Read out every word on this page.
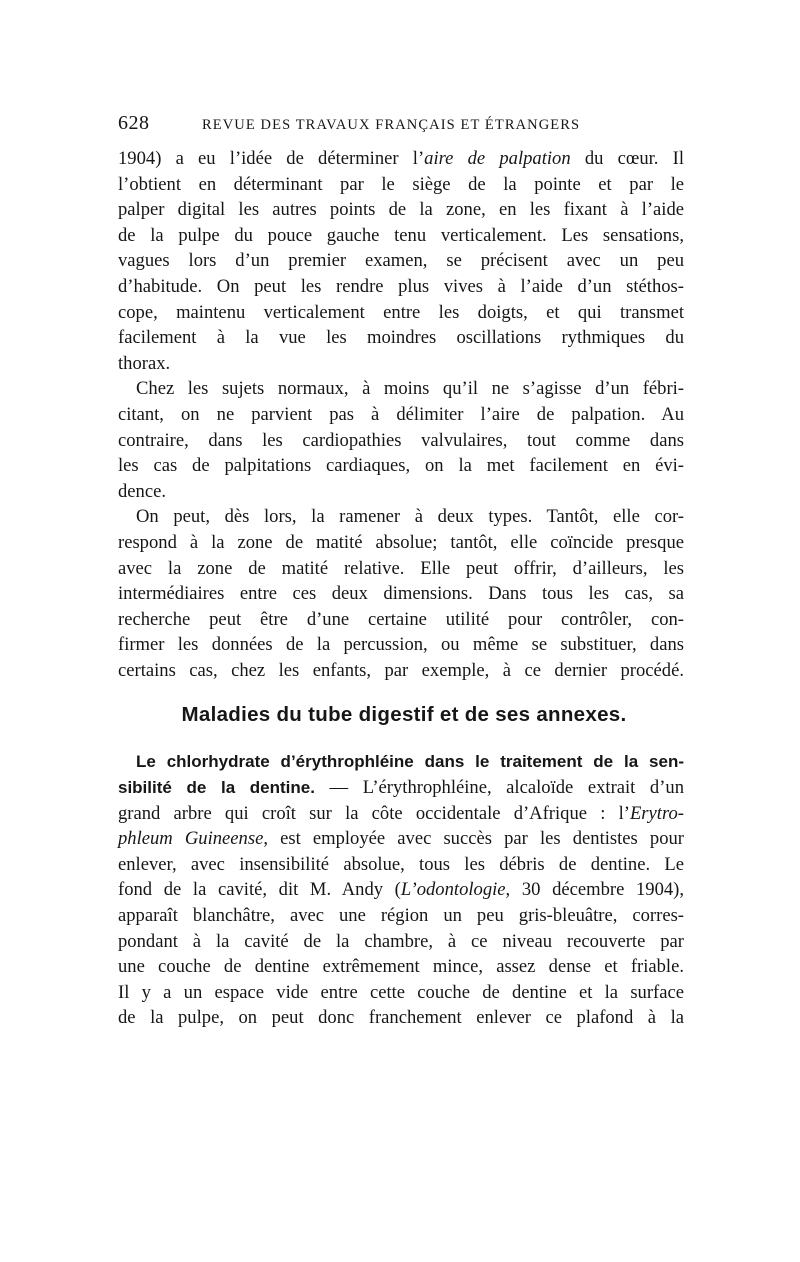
628	REVUE DES TRAVAUX FRANÇAIS ET ÉTRANGERS

1904) a eu l’idée de déterminer l’aire de palpation du cœur. Il
l’obtient en déterminant par le siège de la pointe et par le
palper digital les autres points de la zone, en les fixant à l’aide
de la pulpe du pouce gauche tenu verticalement. Les sensations,
vagues lors d’un premier examen, se précisent avec un peu
d’habitude. On peut les rendre plus vives à l’aide d’un stéthos-
cope, maintenu verticalement entre les doigts, et qui transmet
facilement à la vue les moindres oscillations rythmiques du
thorax.

Chez les sujets normaux, à moins qu’il ne s’agisse d’un fébri-
citant, on ne parvient pas à délimiter l’aire de palpation. Au
contraire, dans les cardiopathies valvulaires, tout comme dans
les cas de palpitations cardiaques, on la met facilement en évi-
dence.

On peut, dès lors, la ramener à deux types. Tantôt, elle cor-
respond à la zone de matité absolue; tantôt, elle coïncide presque
avec la zone de matité relative. Elle peut offrir, d’ailleurs, les
intermédiaires entre ces deux dimensions. Dans tous les cas, sa
recherche peut être d’une certaine utilité pour contrôler, con-
firmer les données de la percussion, ou même se substituer, dans
certains cas, chez les enfants, par exemple, à ce dernier procédé.

Maladies du tube digestif et de ses annexes.

Le chlorhydrate d’érythrophléine dans le traitement de la sen-
sibilité de la dentine. — L’érythrophléine, alcaloïde extrait d’un
grand arbre qui croît sur la côte occidentale d’Afrique : l’Erytro-
phleum Guineense, est employée avec succès par les dentistes pour
enlever, avec insensibilité absolue, tous les débris de dentine. Le
fond de la cavité, dit M. Andy (L’odontologie, 30 décembre 1904),
apparaît blanchâtre, avec une région un peu gris-bleuâtre, corres-
pondant à la cavité de la chambre, à ce niveau recouverte par
une couche de dentine extrêmement mince, assez dense et friable.
Il y a un espace vide entre cette couche de dentine et la surface
de la pulpe, on peut donc franchement enlever ce plafond à la
